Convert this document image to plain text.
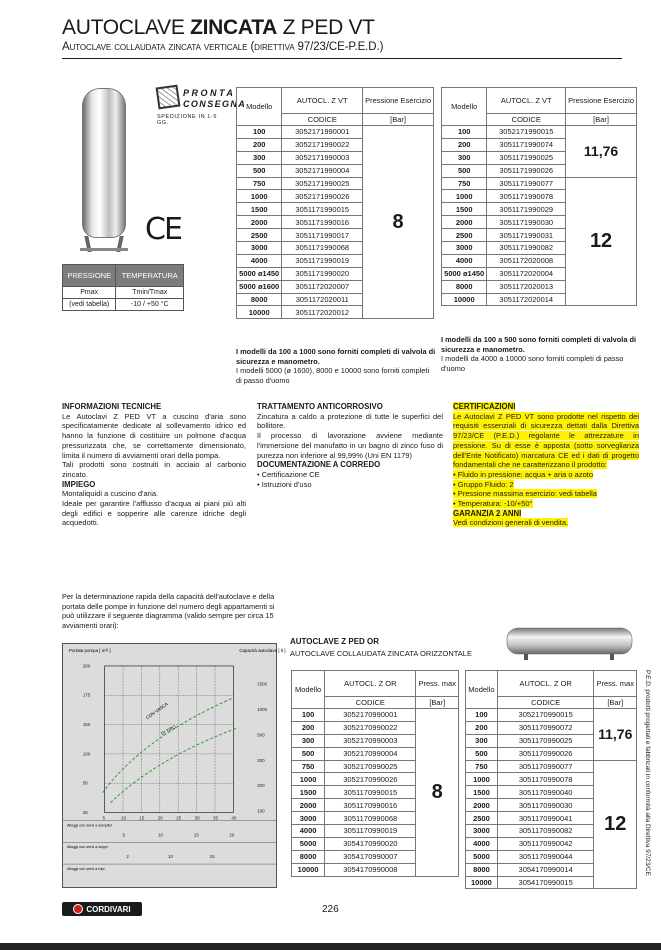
AUTOCLAVE ZINCATA Z PED VT
Autoclave collaudata zincata verticale (direttiva 97/23/CE-P.E.D.)
PRONTA
CONSEGNA
SPEDIZIONE IN 1-5 GG.
CE
PRESSIONE	TEMPERATURA
Pmax	Tmin/Tmax
(vedi tabella)	-10 / +50 °C
Modello	AUTOCL. Z VT	Pressione Esercizio
	CODICE	[Bar]
100	3052171990001	8
200	3052171990022	
300	3052171990003	
500	3052171990004	
750	3052171990025	
1000	3052171990026	
1500	3051171990015	
2000	3051171990016	
2500	3051171990017	
3000	3051171990068	
4000	3051171990019	
5000 ø1450	3051171990020	
5000 ø1600	3051172020007	
8000	3051172020011	
10000	3051172020012	
I modelli da 100 a 1000 sono forniti completi di valvola di sicurezza e manometro.
I modelli 5000 (ø 1600), 8000 e 10000 sono forniti completi di passo d'uomo
Modello	AUTOCL. Z VT	Pressione Esercizio
	CODICE	[Bar]
100	3052171990015	11,76
200	3051171990074	
300	3051171990025	
500	3051171990026	
750	3051171990077	12
1000	3051171990078	
1500	3051171990029	
2000	3051171990030	
2500	3051171990031	
3000	3051171990082	
4000	3051172020008	
5000 ø1450	3051172020004	
8000	3051172020013	
10000	3051172020014	
I modelli da 100 a 500 sono forniti completi di valvola di sicurezza e manometro.
I modelli da 4000 a 10000 sono forniti completi di passo d'uomo
INFORMAZIONI TECNICHE
Le Autoclavi Z PED VT a cuscino d'aria sono specificatamente dedicate al sollevamento idrico ed hanno la funzione di costituire un polmone d'acqua pressurizzata che, se correttamente dimensionato, limita il numero di avviamenti orari della pompa.
Tali prodotti sono costruiti in acciaio al carbonio zincato.
IMPIEGO
Montaliquidi a cuscino d'aria.
Ideale per garantire l'afflusso d'acqua ai piani più alti degli edifici e sopperire alle carenze idriche degli acquedotti.
TRATTAMENTO ANTICORROSIVO
Zincatura a caldo a protezione di tutte le superfici del bollitore.
Il processo di lavorazione avviene mediante l'immersione del manufatto in un bagno di zinco fuso di purezza non inferiore al 99,99% (Uni EN 1179)
DOCUMENTAZIONE A CORREDO
• Certificazione CE
• Istruzioni d'uso
CERTIFICAZIONI
Le Autoclavi Z PED VT sono prodotte nel rispetto dei requisiti essenziali di sicurezza dettati dalla Direttiva 97/23/CE (P.E.D.) regolante le attrezzature in pressione. Su di esse è apposta (sotto sorveglianza dell'Ente Notificato) marcatura CE ed i dati di progetto fondamentali che ne caratterizzano il prodotto:
• Fluido in pressione: acqua + aria o azoto
• Gruppo Fluido: 2
• Pressione massima esercizio: vedi tabella
• Temperatura: -10/+50°
GARANZIA 2 ANNI
Vedi condizioni generali di vendita.
Per la determinazione rapida della capacità dell'autoclave e della portata delle pompe in funzione del numero degli appartamenti si può utilizzare il seguente diagramma (valido sempre per circa 15 avviamenti orari):
Portata pompa [ m³/ ]	Capacità autoclave [ lt ]
5	10	15	20	25	30	35	40
200
175
150
100
50
25
1500
1000
500
300
200
100
5	10	15	20
2	10	15
CON VASCA
DI TIPO
Alloggi con servi a semplici
Alloggi con servi a doppi
Alloggi con servi a tripi
AUTOCLAVE Z PED OR
AUTOCLAVE COLLAUDATA ZINCATA ORIZZONTALE
Modello	AUTOCL. Z OR	Press. max
	CODICE	[Bar]
100	3052170990001	8
200	3052170990022	
300	3052170990003	
500	3052170990004	
750	3052170990025	
1000	3052170990026	
1500	3051170990015	
2000	3051170990016	
3000	3051170990068	
4000	3051170990019	
5000	3054170990020	
8000	3054170990007	
10000	3054170990008	
Modello	AUTOCL. Z OR	Press. max
	CODICE	[Bar]
100	3052170990015	11,76
200	3051170990072	
300	3051170990025	
500	3051170990026	
750	3051170990077	12
1000	3051170990078	
1500	3051170990040	
2000	3051170990030	
2500	3051170990041	
3000	3051170990082	
4000	3051170990042	
5000	3051170990044	
8000	3054170990014	
10000	3054170990015	
P.E.D. prodotti progettati e fabbricati in conformità alla Direttiva 97/23/CE
CORDIVARI	226
